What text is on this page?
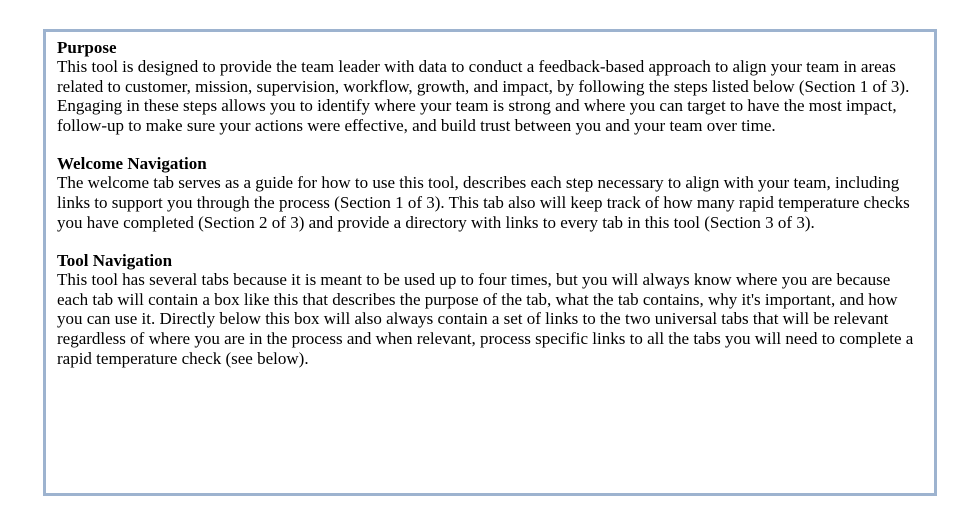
Purpose

This tool is designed to provide the team leader with data to conduct a feedback-based approach to align your team in areas related to customer, mission, supervision, workflow, growth, and impact, by following the steps listed below (Section 1 of 3). Engaging in these steps allows you to identify where your team is strong and where you can target to have the most impact, follow-up to make sure your actions were effective, and build trust between you and your team over time.

Welcome Navigation

The welcome tab serves as a guide for how to use this tool, describes each step necessary to align with your team, including links to support you through the process (Section 1 of 3). This tab also will keep track of how many rapid temperature checks you have completed (Section 2 of 3) and provide a directory with links to every tab in this tool (Section 3 of 3).

Tool Navigation

This tool has several tabs because it is meant to be used up to four times, but you will always know where you are because each tab will contain a box like this that describes the purpose of the tab, what the tab contains, why it's important, and how you can use it. Directly below this box will also always contain a set of links to the two universal tabs that will be relevant regardless of where you are in the process and when relevant, process specific links to all the tabs you will need to complete a rapid temperature check (see below).
